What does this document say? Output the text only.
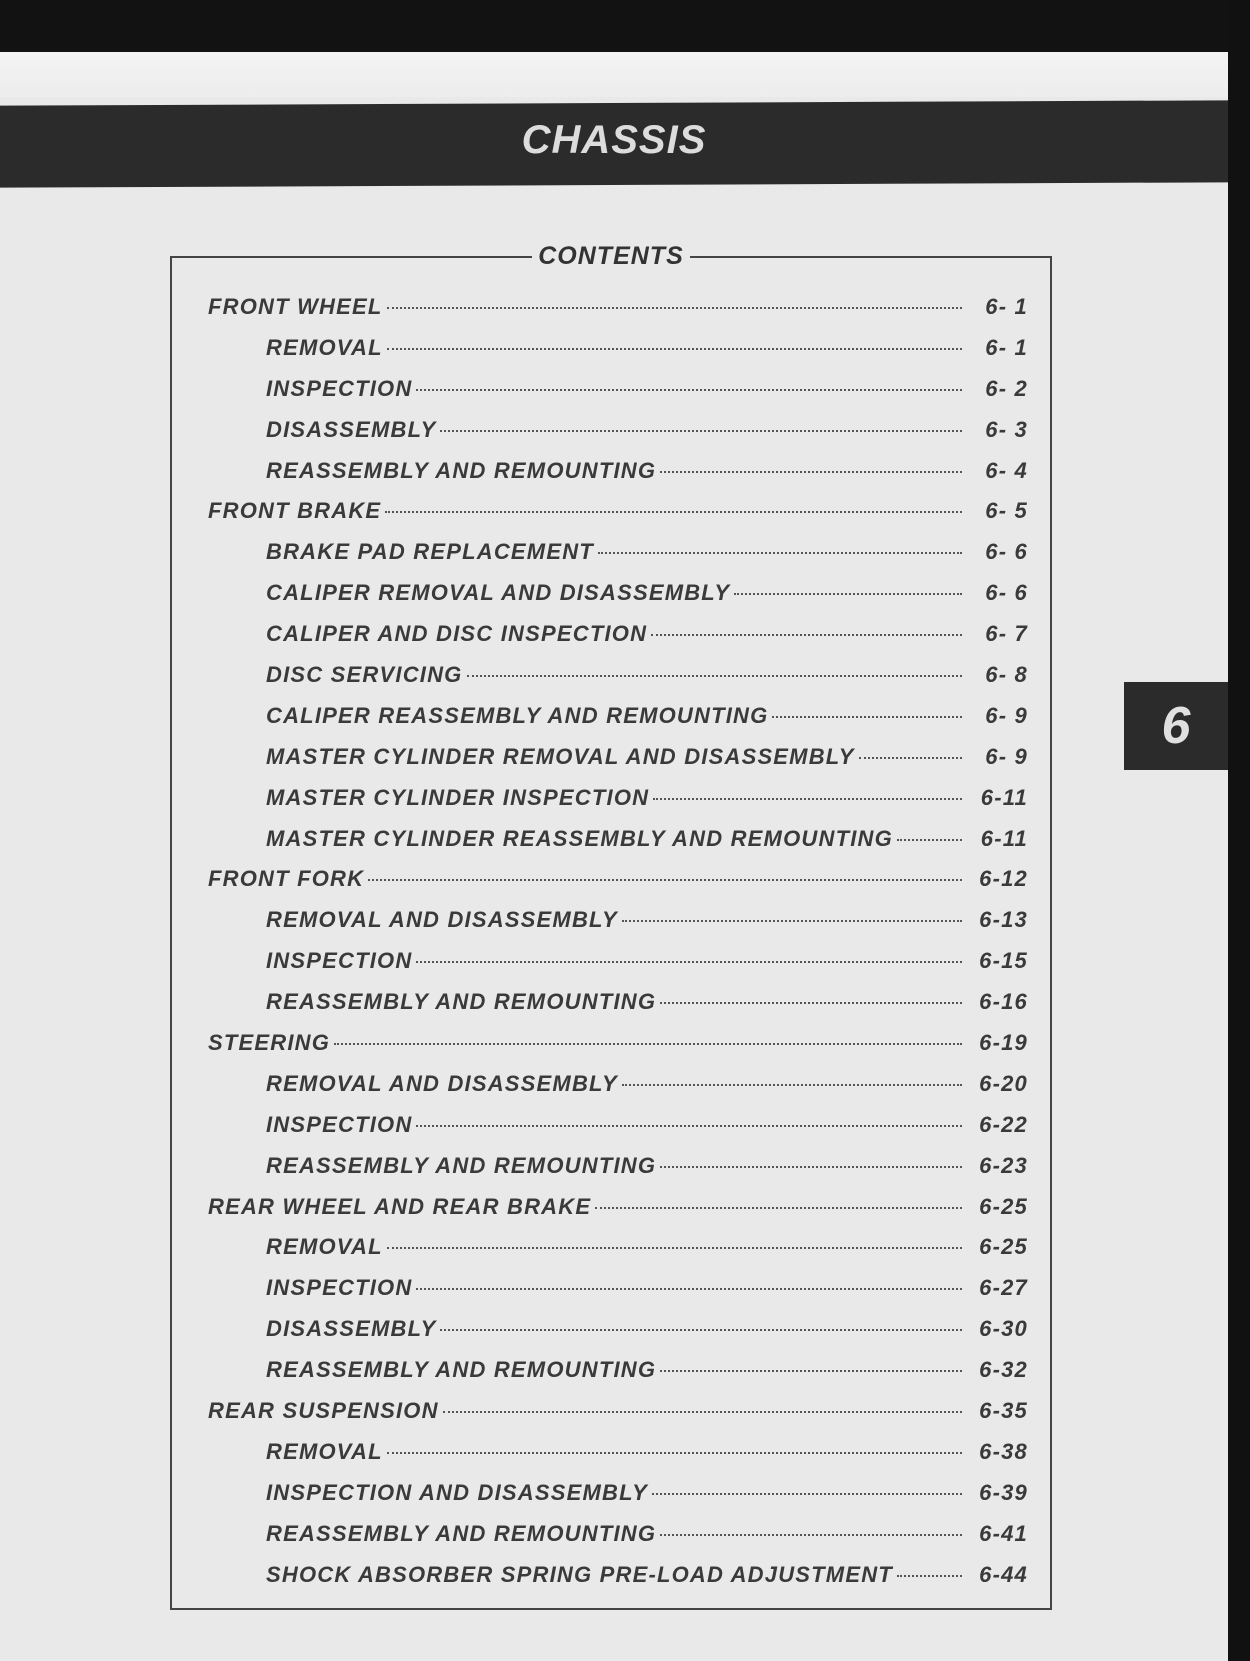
CHASSIS
6
CONTENTS
FRONT WHEEL	6- 1
REMOVAL	6- 1
INSPECTION	6- 2
DISASSEMBLY	6- 3
REASSEMBLY AND REMOUNTING	6- 4
FRONT BRAKE	6- 5
BRAKE PAD REPLACEMENT	6- 6
CALIPER REMOVAL AND DISASSEMBLY	6- 6
CALIPER AND DISC INSPECTION	6- 7
DISC SERVICING	6- 8
CALIPER REASSEMBLY AND REMOUNTING	6- 9
MASTER CYLINDER REMOVAL AND DISASSEMBLY	6- 9
MASTER CYLINDER INSPECTION	6-11
MASTER CYLINDER REASSEMBLY AND REMOUNTING	6-11
FRONT FORK	6-12
REMOVAL AND DISASSEMBLY	6-13
INSPECTION	6-15
REASSEMBLY AND REMOUNTING	6-16
STEERING	6-19
REMOVAL AND DISASSEMBLY	6-20
INSPECTION	6-22
REASSEMBLY AND REMOUNTING	6-23
REAR WHEEL AND REAR BRAKE	6-25
REMOVAL	6-25
INSPECTION	6-27
DISASSEMBLY	6-30
REASSEMBLY AND REMOUNTING	6-32
REAR SUSPENSION	6-35
REMOVAL	6-38
INSPECTION AND DISASSEMBLY	6-39
REASSEMBLY AND REMOUNTING	6-41
SHOCK ABSORBER SPRING PRE-LOAD ADJUSTMENT	6-44
